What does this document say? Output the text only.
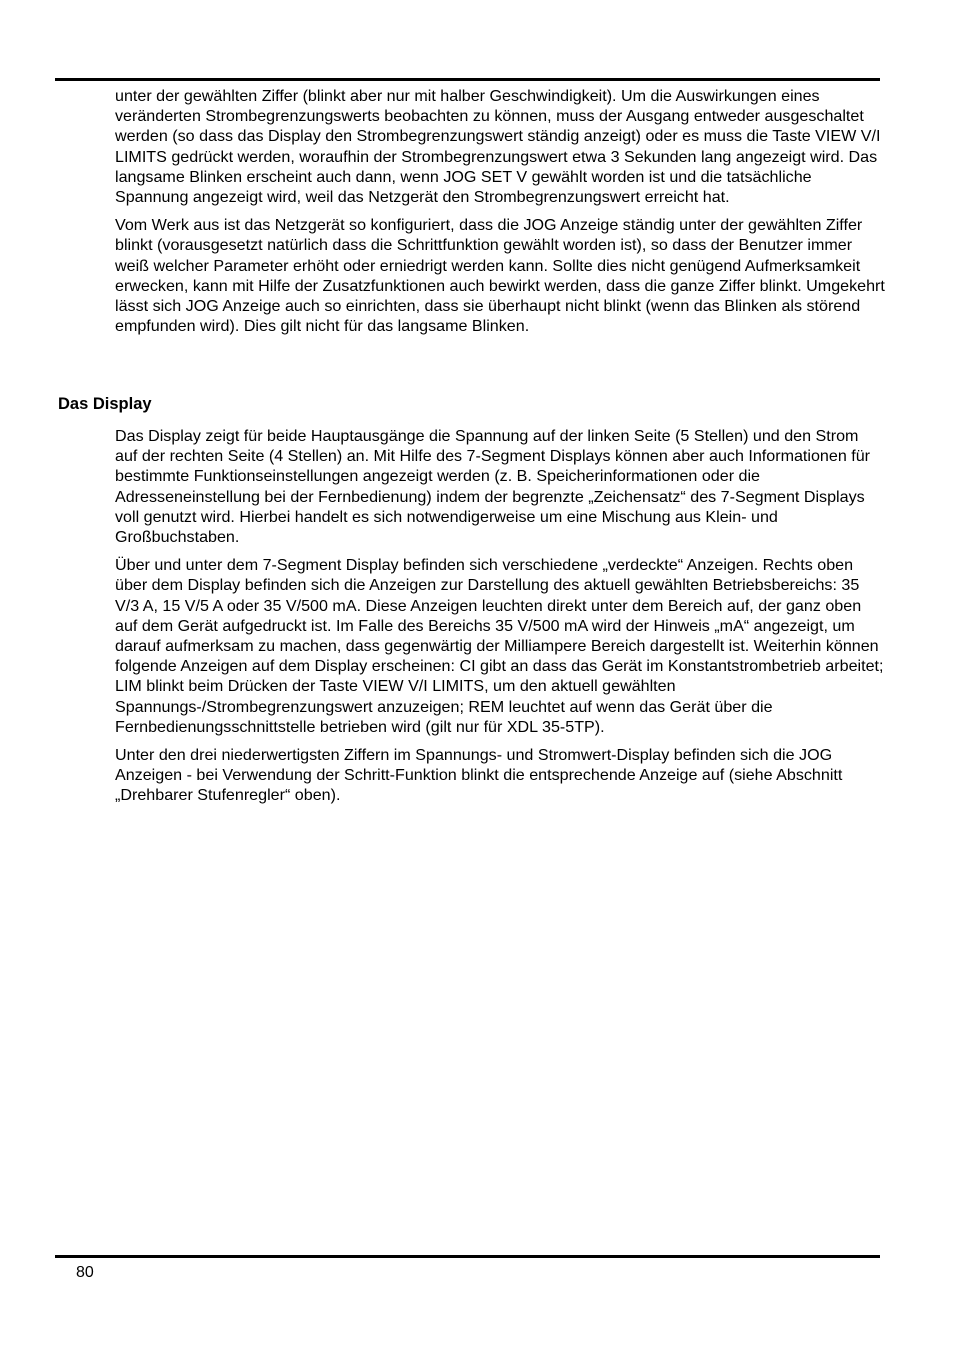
unter der gewählten Ziffer (blinkt aber nur mit halber Geschwindigkeit). Um die Auswirkungen eines veränderten Strombegrenzungswerts beobachten zu können, muss der Ausgang entweder ausgeschaltet werden (so dass das Display den Strombegrenzungswert ständig anzeigt) oder es muss die Taste VIEW V/I LIMITS gedrückt werden, woraufhin der Strombegrenzungswert etwa 3 Sekunden lang angezeigt wird. Das langsame Blinken erscheint auch dann, wenn JOG SET V gewählt worden ist und die tatsächliche Spannung angezeigt wird, weil das Netzgerät den Strombegrenzungswert erreicht hat.

Vom Werk aus ist das Netzgerät so konfiguriert, dass die JOG Anzeige ständig unter der gewählten Ziffer blinkt (vorausgesetzt natürlich dass die Schrittfunktion gewählt worden ist), so dass der Benutzer immer weiß welcher Parameter erhöht oder erniedrigt werden kann. Sollte dies nicht genügend Aufmerksamkeit erwecken, kann mit Hilfe der Zusatzfunktionen auch bewirkt werden, dass die ganze Ziffer blinkt. Umgekehrt lässt sich JOG Anzeige auch so einrichten, dass sie überhaupt nicht blinkt (wenn das Blinken als störend empfunden wird). Dies gilt nicht für das langsame Blinken.

Das Display

Das Display zeigt für beide Hauptausgänge die Spannung auf der linken Seite (5 Stellen) und den Strom auf der rechten Seite (4 Stellen) an. Mit Hilfe des 7-Segment Displays können aber auch Informationen für bestimmte Funktionseinstellungen angezeigt werden (z. B. Speicherinformationen oder die Adresseneinstellung bei der Fernbedienung) indem der begrenzte „Zeichensatz“ des 7-Segment Displays voll genutzt wird. Hierbei handelt es sich notwendigerweise um eine Mischung aus Klein- und Großbuchstaben.

Über und unter dem 7-Segment Display befinden sich verschiedene „verdeckte“ Anzeigen. Rechts oben über dem Display befinden sich die Anzeigen zur Darstellung des aktuell gewählten Betriebsbereichs: 35 V/3 A, 15 V/5 A oder 35 V/500 mA. Diese Anzeigen leuchten direkt unter dem Bereich auf, der ganz oben auf dem Gerät aufgedruckt ist. Im Falle des Bereichs 35 V/500 mA wird der Hinweis „mA“ angezeigt, um darauf aufmerksam zu machen, dass gegenwärtig der Milliampere Bereich dargestellt ist. Weiterhin können folgende Anzeigen auf dem Display erscheinen: CI gibt an dass das Gerät im Konstantstrombetrieb arbeitet; LIM blinkt beim Drücken der Taste VIEW V/I LIMITS, um den aktuell gewählten Spannungs-/Strombegrenzungswert anzuzeigen; REM leuchtet auf wenn das Gerät über die Fernbedienungsschnittstelle betrieben wird (gilt nur für XDL 35-5TP).

Unter den drei niederwertigsten Ziffern im Spannungs- und Stromwert-Display befinden sich die JOG Anzeigen - bei Verwendung der Schritt-Funktion blinkt die entsprechende Anzeige auf (siehe Abschnitt „Drehbarer Stufenregler“ oben).

80
